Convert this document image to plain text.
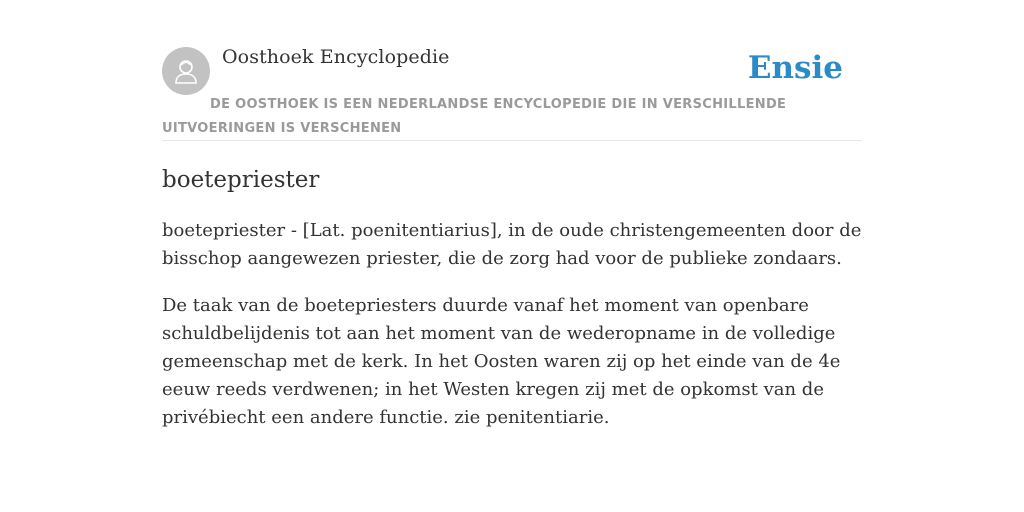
Oosthoek Encyclopedie	Ensie
DE OOSTHOEK IS EEN NEDERLANDSE ENCYCLOPEDIE DIE IN VERSCHILLENDE UITVOERINGEN IS VERSCHENEN
boetepriester

boetepriester - [Lat. poenitentiarius], in de oude christengemeenten door de bisschop aangewezen priester, die de zorg had voor de publieke zondaars.

De taak van de boetepriesters duurde vanaf het moment van openbare schuldbelijdenis tot aan het moment van de wederopname in de volledige gemeenschap met de kerk. In het Oosten waren zij op het einde van de 4e eeuw reeds verdwenen; in het Westen kregen zij met de opkomst van de privébiecht een andere functie. zie penitentiarie.
